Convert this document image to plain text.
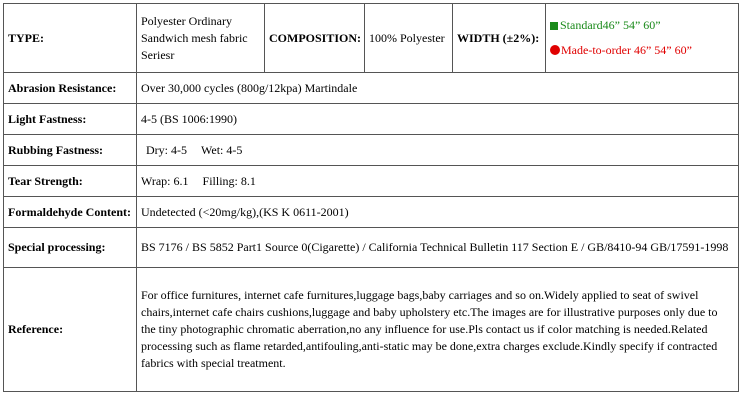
TYPE:	Polyester Ordinary Sandwich mesh fabric Seriesr	COMPOSITION:	100% Polyester	WIDTH (±2%):	Standard46” 54” 60”
Made-to-order 46” 54” 60”

Abrasion Resistance:	Over 30,000 cycles (800g/12kpa) Martindale				
Light Fastness:	4-5 (BS 1006:1990)				
Rubbing Fastness:	Dry: 4-5 Wet: 4-5				
Tear Strength:	Wrap: 6.1 Filling: 8.1				
Formaldehyde Content:	Undetected (<20mg/kg),(KS K 0611-2001)				
Special processing:	BS 7176 / BS 5852 Part1 Source 0(Cigarette) / California Technical Bulletin 117 Section E / GB/8410-94 GB/17591-1998				
Reference:	For office furnitures, internet cafe furnitures,luggage bags,baby carriages and so on.Widely applied to seat of swivel chairs,internet cafe chairs cushions,luggage and baby upholstery etc.The images are for illustrative purposes only due to the tiny photographic chromatic aberration,no any influence for use.Pls contact us if color matching is needed.Related processing such as flame retarded,antifouling,anti-static may be done,extra charges exclude.Kindly specify if contracted fabrics with special treatment.				
